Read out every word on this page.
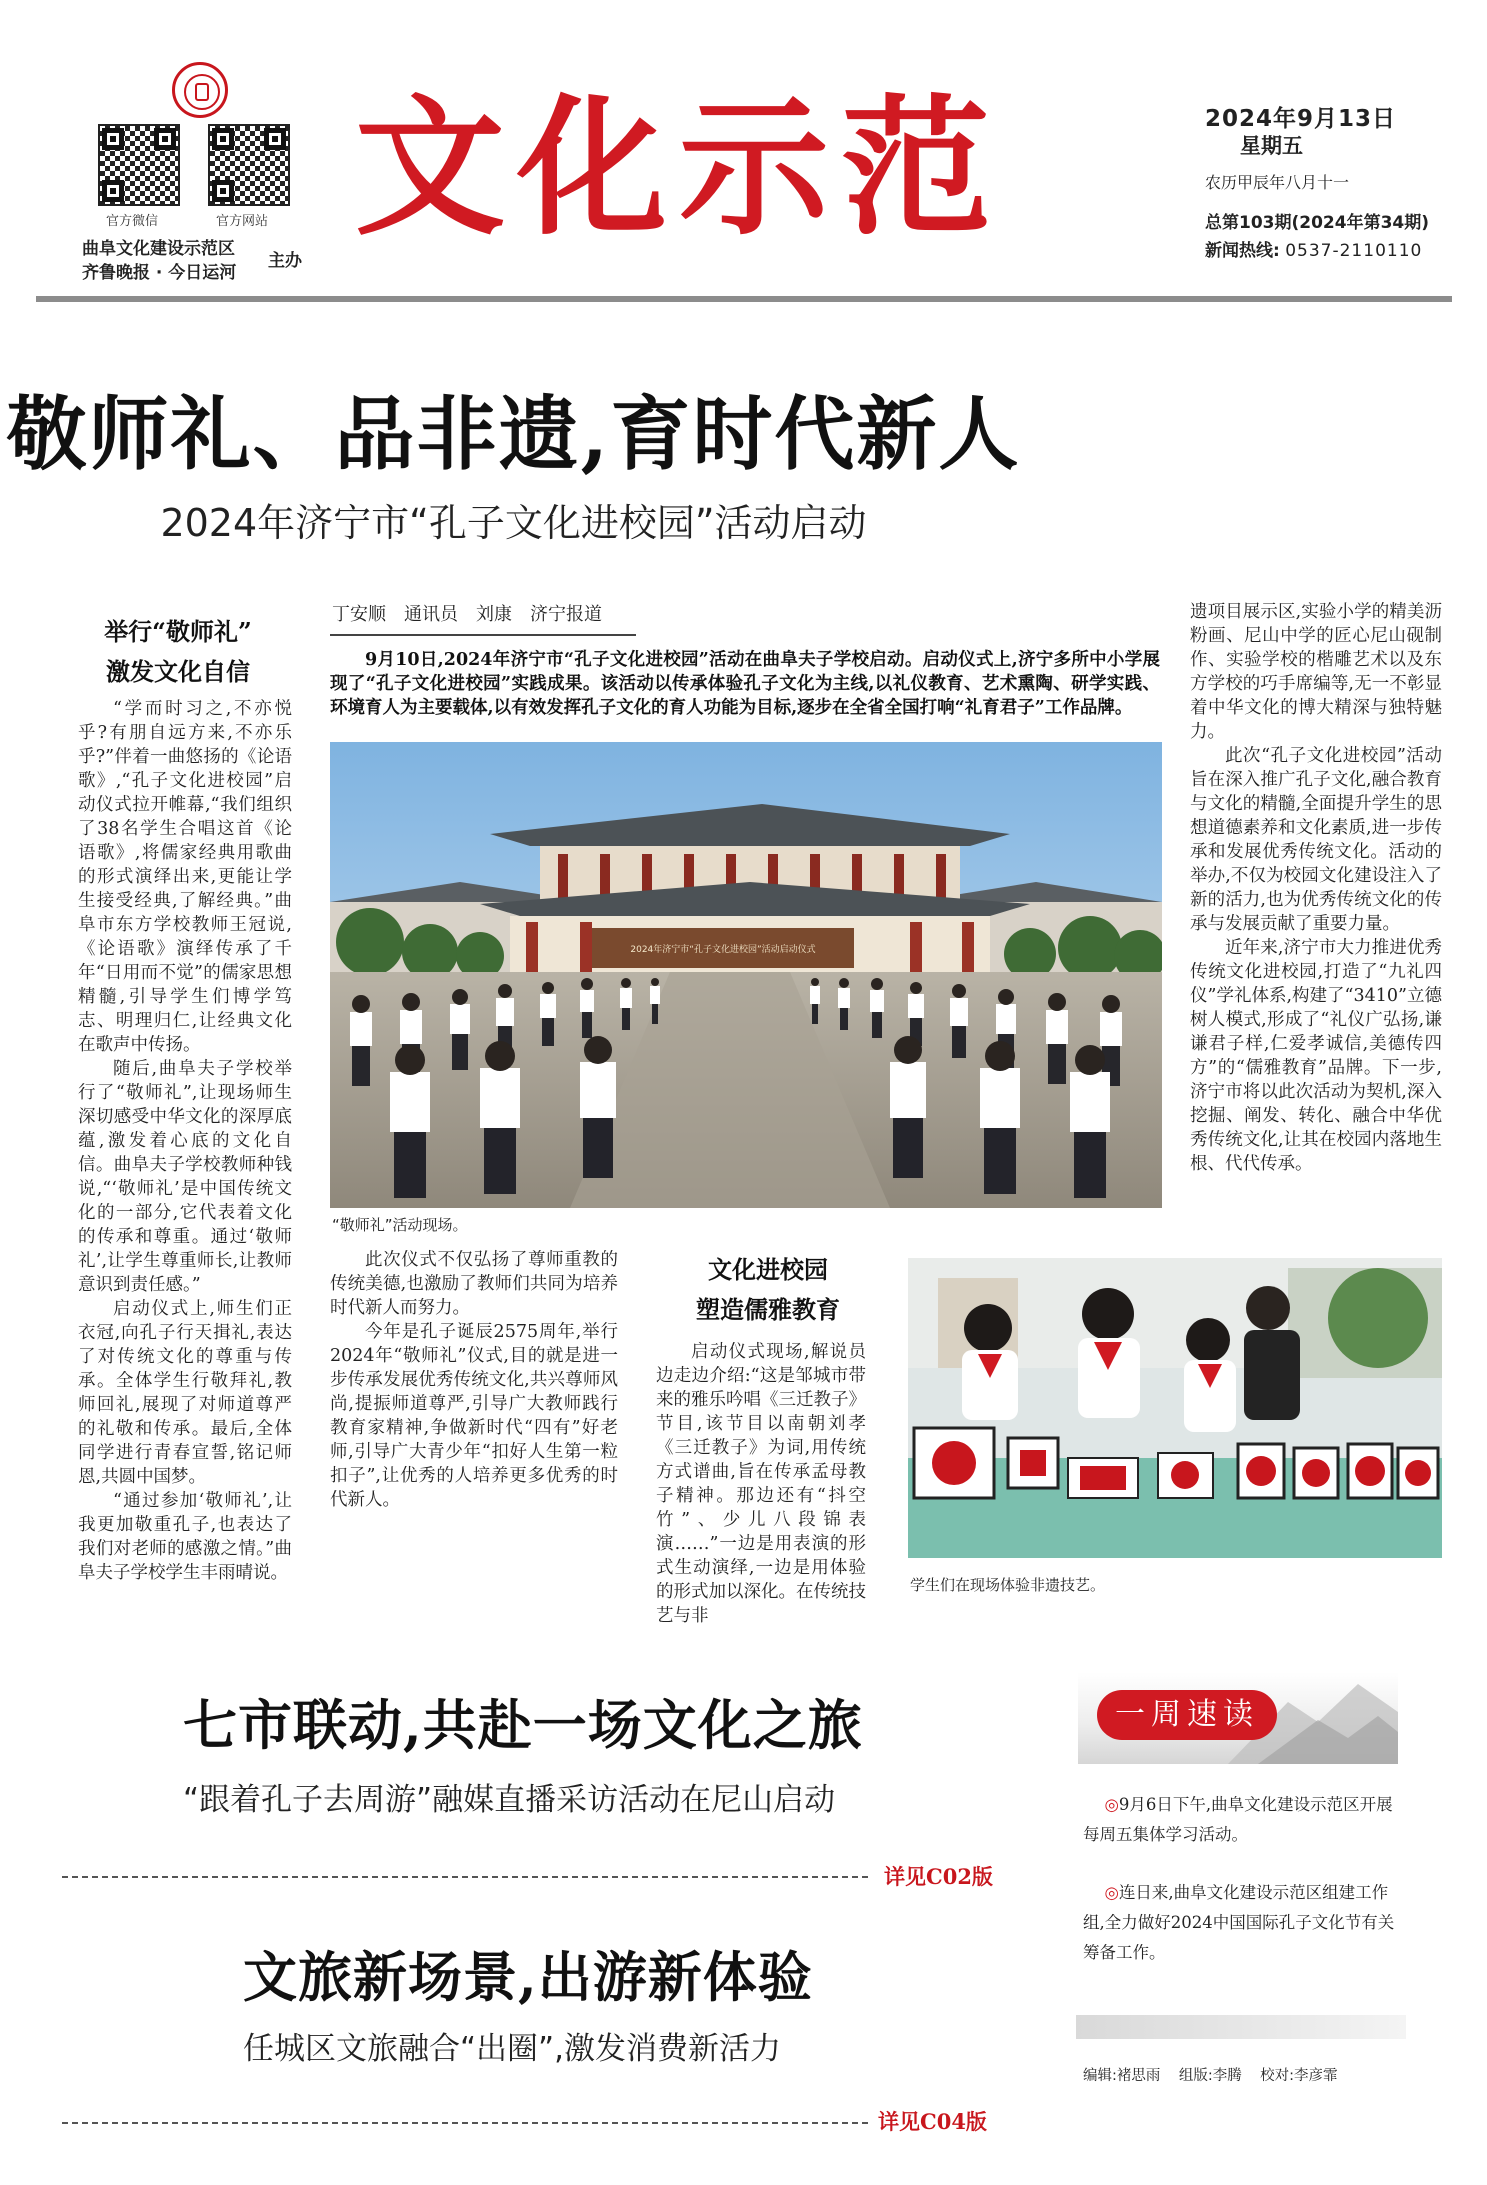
官方微信	官方网站
曲阜文化建设示范区
齐鲁晚报 · 今日运河
主办
文化示范	2024年9月13日
星期五
农历甲辰年八月十一
总第103期(2024年第34期)
新闻热线: 0537-2110110
敬师礼、品非遗,育时代新人
2024年济宁市“孔子文化进校园”活动启动
举行“敬师礼”
激发文化自信

“学而时习之,不亦悦乎?有朋自远方来,不亦乐乎?”伴着一曲悠扬的《论语歌》,“孔子文化进校园”启动仪式拉开帷幕,“我们组织了38名学生合唱这首《论语歌》,将儒家经典用歌曲的形式演绎出来,更能让学生接受经典,了解经典。”曲阜市东方学校教师王冠说,《论语歌》演绎传承了千年“日用而不觉”的儒家思想精髓,引导学生们博学笃志、明理归仁,让经典文化在歌声中传扬。

随后,曲阜夫子学校举行了“敬师礼”,让现场师生深切感受中华文化的深厚底蕴,激发着心底的文化自信。曲阜夫子学校教师种钱说,“‘敬师礼’是中国传统文化的一部分,它代表着文化的传承和尊重。通过‘敬师礼’,让学生尊重师长,让教师意识到责任感。”

启动仪式上,师生们正衣冠,向孔子行天揖礼,表达了对传统文化的尊重与传承。全体学生行敬拜礼,教师回礼,展现了对师道尊严的礼敬和传承。最后,全体同学进行青春宣誓,铭记师恩,共圆中国梦。

“通过参加‘敬师礼’,让我更加敬重孔子,也表达了我们对老师的感激之情。”曲阜夫子学校学生丰雨晴说。

丁安顺　通讯员　刘康　济宁报道
9月10日,2024年济宁市“孔子文化进校园”活动在曲阜夫子学校启动。启动仪式上,济宁多所中小学展现了“孔子文化进校园”实践成果。该活动以传承体验孔子文化为主线,以礼仪教育、艺术熏陶、研学实践、环境育人为主要载体,以有效发挥孔子文化的育人功能为目标,逐步在全省全国打响“礼育君子”工作品牌。
2024年济宁市“孔子文化进校园”活动启动仪式
“敬师礼”活动现场。

此次仪式不仅弘扬了尊师重教的传统美德,也激励了教师们共同为培养时代新人而努力。

今年是孔子诞辰2575周年,举行2024年“敬师礼”仪式,目的就是进一步传承发展优秀传统文化,共兴尊师风尚,提振师道尊严,引导广大教师践行教育家精神,争做新时代“四有”好老师,引导广大青少年“扣好人生第一粒扣子”,让优秀的人培养更多优秀的时代新人。

文化进校园
塑造儒雅教育

启动仪式现场,解说员边走边介绍:“这是邹城市带来的雅乐吟唱《三迁教子》节目,该节目以南朝刘孝《三迁教子》为词,用传统方式谱曲,旨在传承孟母教子精神。那边还有“抖空竹”、少儿八段锦表演……”一边是用表演的形式生动演绎,一边是用体验的形式加以深化。在传统技艺与非

遗项目展示区,实验小学的精美沥粉画、尼山中学的匠心尼山砚制作、实验学校的楷雕艺术以及东方学校的巧手席编等,无一不彰显着中华文化的博大精深与独特魅力。

此次“孔子文化进校园”活动旨在深入推广孔子文化,融合教育与文化的精髓,全面提升学生的思想道德素养和文化素质,进一步传承和发展优秀传统文化。活动的举办,不仅为校园文化建设注入了新的活力,也为优秀传统文化的传承与发展贡献了重要力量。

近年来,济宁市大力推进优秀传统文化进校园,打造了“九礼四仪”学礼体系,构建了“3410”立德树人模式,形成了“礼仪广弘扬,谦谦君子样,仁爱孝诚信,美德传四方”的“儒雅教育”品牌。下一步,济宁市将以此次活动为契机,深入挖掘、阐发、转化、融合中华优秀传统文化,让其在校园内落地生根、代代传承。

学生们在现场体验非遗技艺。
七市联动,共赴一场文化之旅
“跟着孔子去周游”融媒直播采访活动在尼山启动
详见C02版
文旅新场景,出游新体验
任城区文旅融合“出圈”,激发消费新活力
详见C04版
一周速读
◎9月6日下午,曲阜文化建设示范区开展每周五集体学习活动。
◎连日来,曲阜文化建设示范区组建工作组,全力做好2024中国国际孔子文化节有关筹备工作。
编辑:褚思雨 组版:李腾 校对:李彦霏
